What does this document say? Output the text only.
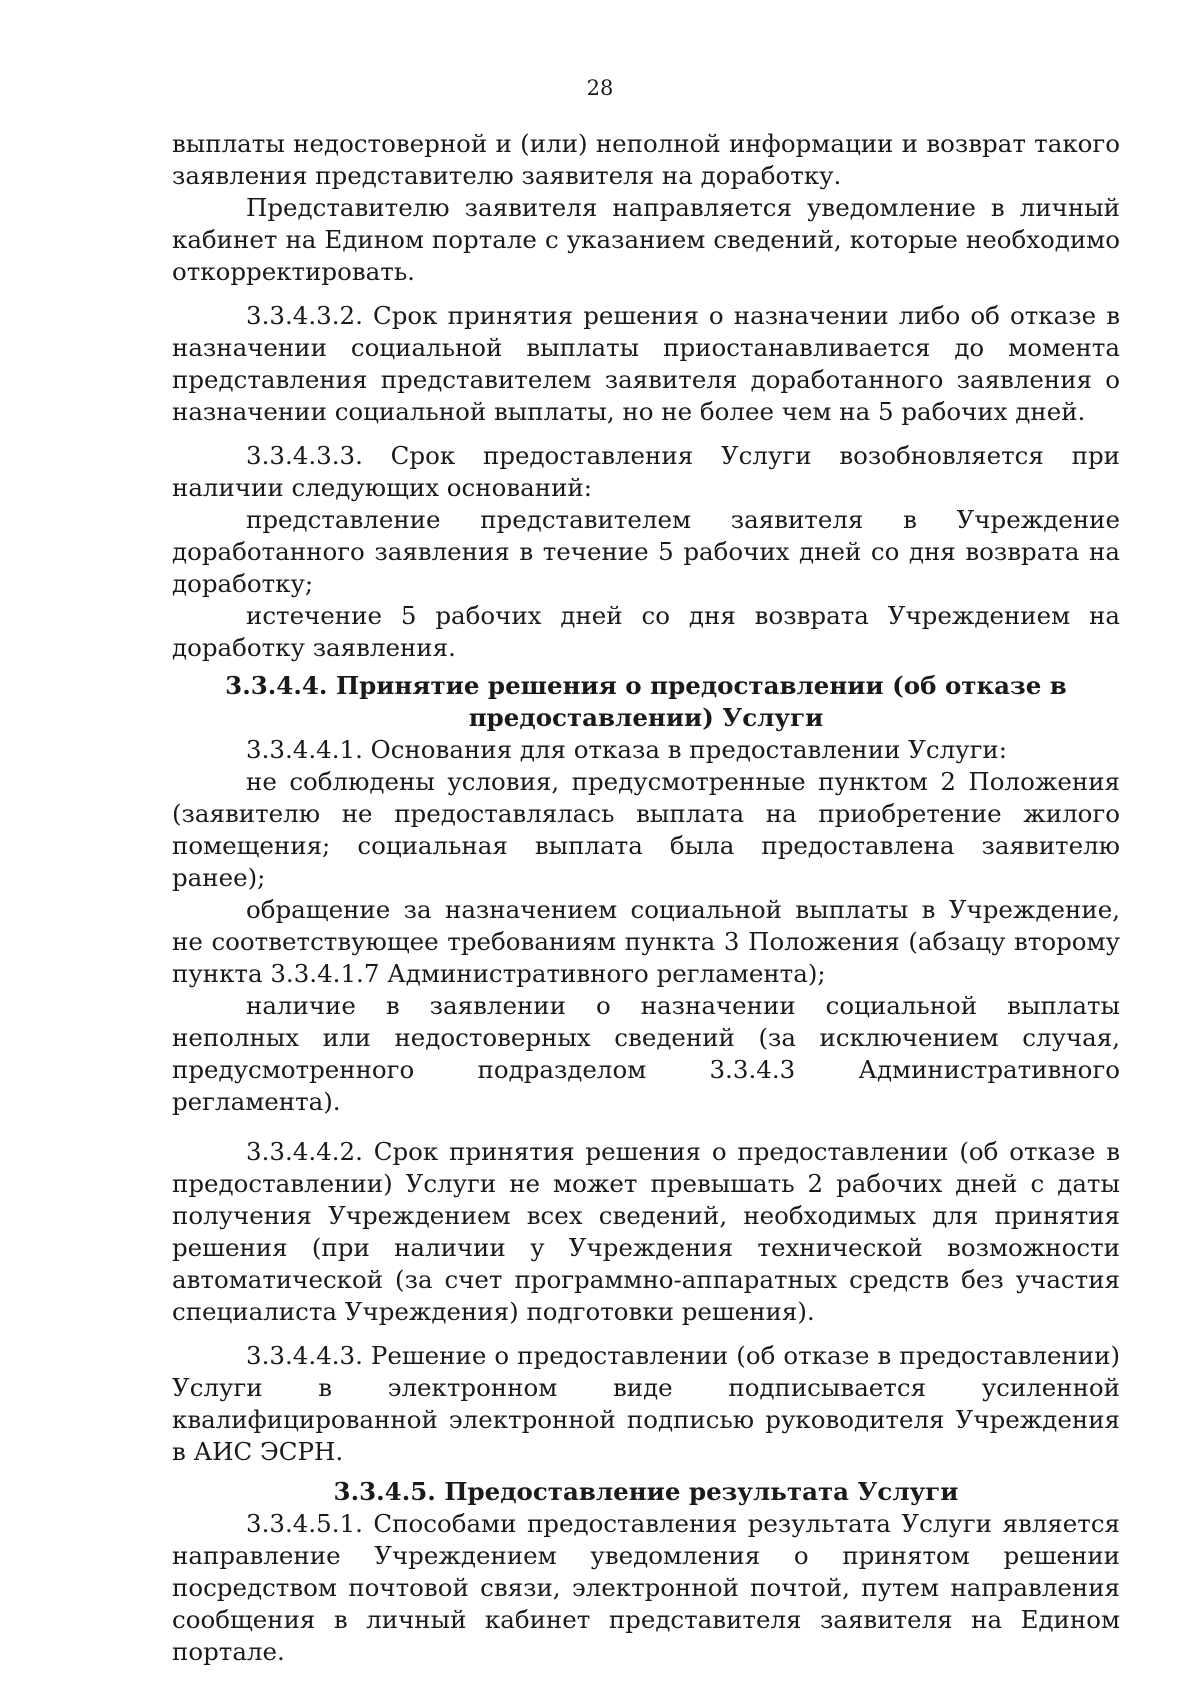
28

выплаты недостоверной и (или) неполной информации и возврат такого заявления представителю заявителя на доработку.

Представителю заявителя направляется уведомление в личный кабинет на Едином портале с указанием сведений, которые необходимо откорректировать.

3.3.4.3.2. Срок принятия решения о назначении либо об отказе в назначении социальной выплаты приостанавливается до момента представления представителем заявителя доработанного заявления о назначении социальной выплаты, но не более чем на 5 рабочих дней.

3.3.4.3.3. Срок предоставления Услуги возобновляется при наличии следующих оснований:

представление представителем заявителя в Учреждение доработанного заявления в течение 5 рабочих дней со дня возврата на доработку;

истечение 5 рабочих дней со дня возврата Учреждением на доработку заявления.

3.3.4.4. Принятие решения о предоставлении (об отказе в предоставлении) Услуги

3.3.4.4.1. Основания для отказа в предоставлении Услуги:

не соблюдены условия, предусмотренные пунктом 2 Положения (заявителю не предоставлялась выплата на приобретение жилого помещения; социальная выплата была предоставлена заявителю ранее);

обращение за назначением социальной выплаты в Учреждение, не соответствующее требованиям пункта 3 Положения (абзацу второму пункта 3.3.4.1.7 Административного регламента);

наличие в заявлении о назначении социальной выплаты неполных или недостоверных сведений (за исключением случая, предусмотренного подразделом 3.3.4.3 Административного регламента).

3.3.4.4.2. Срок принятия решения о предоставлении (об отказе в предоставлении) Услуги не может превышать 2 рабочих дней с даты получения Учреждением всех сведений, необходимых для принятия решения (при наличии у Учреждения технической возможности автоматической (за счет программно-аппаратных средств без участия специалиста Учреждения) подготовки решения).

3.3.4.4.3. Решение о предоставлении (об отказе в предоставлении) Услуги в электронном виде подписывается усиленной квалифицированной электронной подписью руководителя Учреждения в АИС ЭСРН.

3.3.4.5. Предоставление результата Услуги

3.3.4.5.1. Способами предоставления результата Услуги является направление Учреждением уведомления о принятом решении посредством почтовой связи, электронной почтой, путем направления сообщения в личный кабинет представителя заявителя на Едином портале.
